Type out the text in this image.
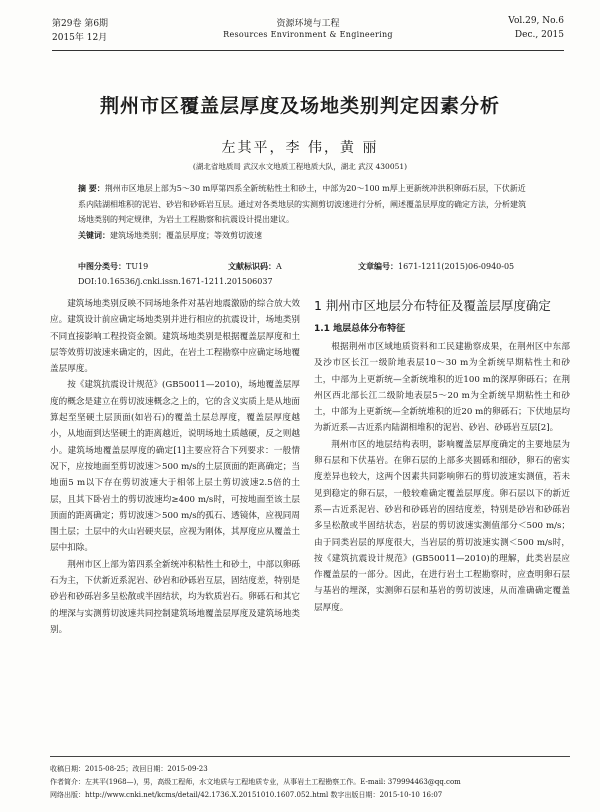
第29卷 第6期	Vol.29, No.6
2015年 12月	Dec., 2015
资源环境与工程
Resources Environment & Engineering
荆州市区覆盖层厚度及场地类别判定因素分析
左其平，李 伟，黄 丽
(湖北省地质局 武汉水文地质工程地质大队，湖北 武汉 430051)

摘 要：荆州市区地层上部为5～30 m厚第四系全新统粘性土和砂土，中部为20～100 m厚上更新统冲洪积卵砾石层，下伏新近系内陆湖相堆积的泥岩、砂岩和砂砾岩互层。通过对各类地层的实测剪切波速进行分析，阐述覆盖层厚度的确定方法，分析建筑场地类别的判定规律，为岩土工程勘察和抗震设计提出建议。

关键词：建筑场地类别；覆盖层厚度；等效剪切波速

中图分类号：TU19	文献标识码：A	文章编号：1671-1211(2015)06-0940-05
DOI:10.16536/j.cnki.issn.1671-1211.201506037

建筑场地类别反映不同场地条件对基岩地震激励的综合放大效应。建筑设计前应确定场地类别并进行相应的抗震设计，场地类别不同直接影响工程投资金额。建筑场地类别是根据覆盖层厚度和土层等效剪切波速来确定的，因此，在岩土工程勘察中应确定场地覆盖层厚度。

按《建筑抗震设计规范》(GB50011—2010)，场地覆盖层厚度的概念是建立在剪切波速概念之上的，它的含义实质上是从地面算起至坚硬土层顶面(如岩石)的覆盖土层总厚度，覆盖层厚度越小，从地面到达坚硬土的距离越近，说明场地土质越硬，反之则越小。建筑场地覆盖层厚度的确定[1]主要应符合下列要求：一般情况下，应按地面至剪切波速＞500 m/s的土层顶面的距离确定；当地面5 m以下存在剪切波速大于相邻上层土剪切波速2.5倍的土层，且其下卧岩土的剪切波速均≥400 m/s时，可按地面至该土层顶面的距离确定；剪切波速＞500 m/s的孤石、透镜体，应视同周围土层；土层中的火山岩硬夹层，应视为刚体，其厚度应从覆盖土层中扣除。

荆州市区上部为第四系全新统冲积粘性土和砂土，中部以卵砾石为主，下伏新近系泥岩、砂岩和砂砾岩互层，固结度差，特别是砂岩和砂砾岩多呈松散或半固结状，均为软质岩石。卵砾石和其它的埋深与实测剪切波速共同控制建筑场地覆盖层厚度及建筑场地类别。

1 荆州市区地层分布特征及覆盖层厚度确定
1.1 地层总体分布特征

根据荆州市区域地质资料和工民建勘察成果，在荆州区中东部及沙市区长江一级阶地表层10～30 m为全新统早期粘性土和砂土，中部为上更新统—全新统堆积的近100 m的深厚卵砾石；在荆州区西北部长江二级阶地表层5～20 m为全新统早期粘性土和砂土，中部为上更新统—全新统堆积的近20 m的卵砾石；下伏地层均为新近系—古近系内陆湖相堆积的泥岩、砂岩、砂砾岩互层[2]。

荆州市区的地层结构表明，影响覆盖层厚度确定的主要地层为卵石层和下伏基岩。在卵石层的上部多夹圆砾和细砂，卵石的密实度差异也较大，这两个因素共同影响卵石的剪切波速实测值，若未见到稳定的卵石层，一般较难确定覆盖层厚度。卵石层以下的新近系—古近系泥岩、砂岩和砂砾岩的固结度差，特别是砂岩和砂砾岩多呈松散或半固结状态，岩层的剪切波速实测值部分＜500 m/s；由于同类岩层的厚度很大，当岩层的剪切波速实测＜500 m/s时，按《建筑抗震设计规范》(GB50011—2010)的理解，此类岩层应作覆盖层的一部分。因此，在进行岩土工程勘察时，应查明卵石层与基岩的埋深，实测卵石层和基岩的剪切波速，从而准确确定覆盖层厚度。

收稿日期：2015-08-25；改回日期：2015-09-23
作者简介：左其平(1968—)，男，高级工程师，水文地质与工程地质专业，从事岩土工程勘察工作。E-mail: 379994463@qq.com
网络出版：http://www.cnki.net/kcms/detail/42.1736.X.20151010.1607.052.html 数字出版日期：2015-10-10 16:07
